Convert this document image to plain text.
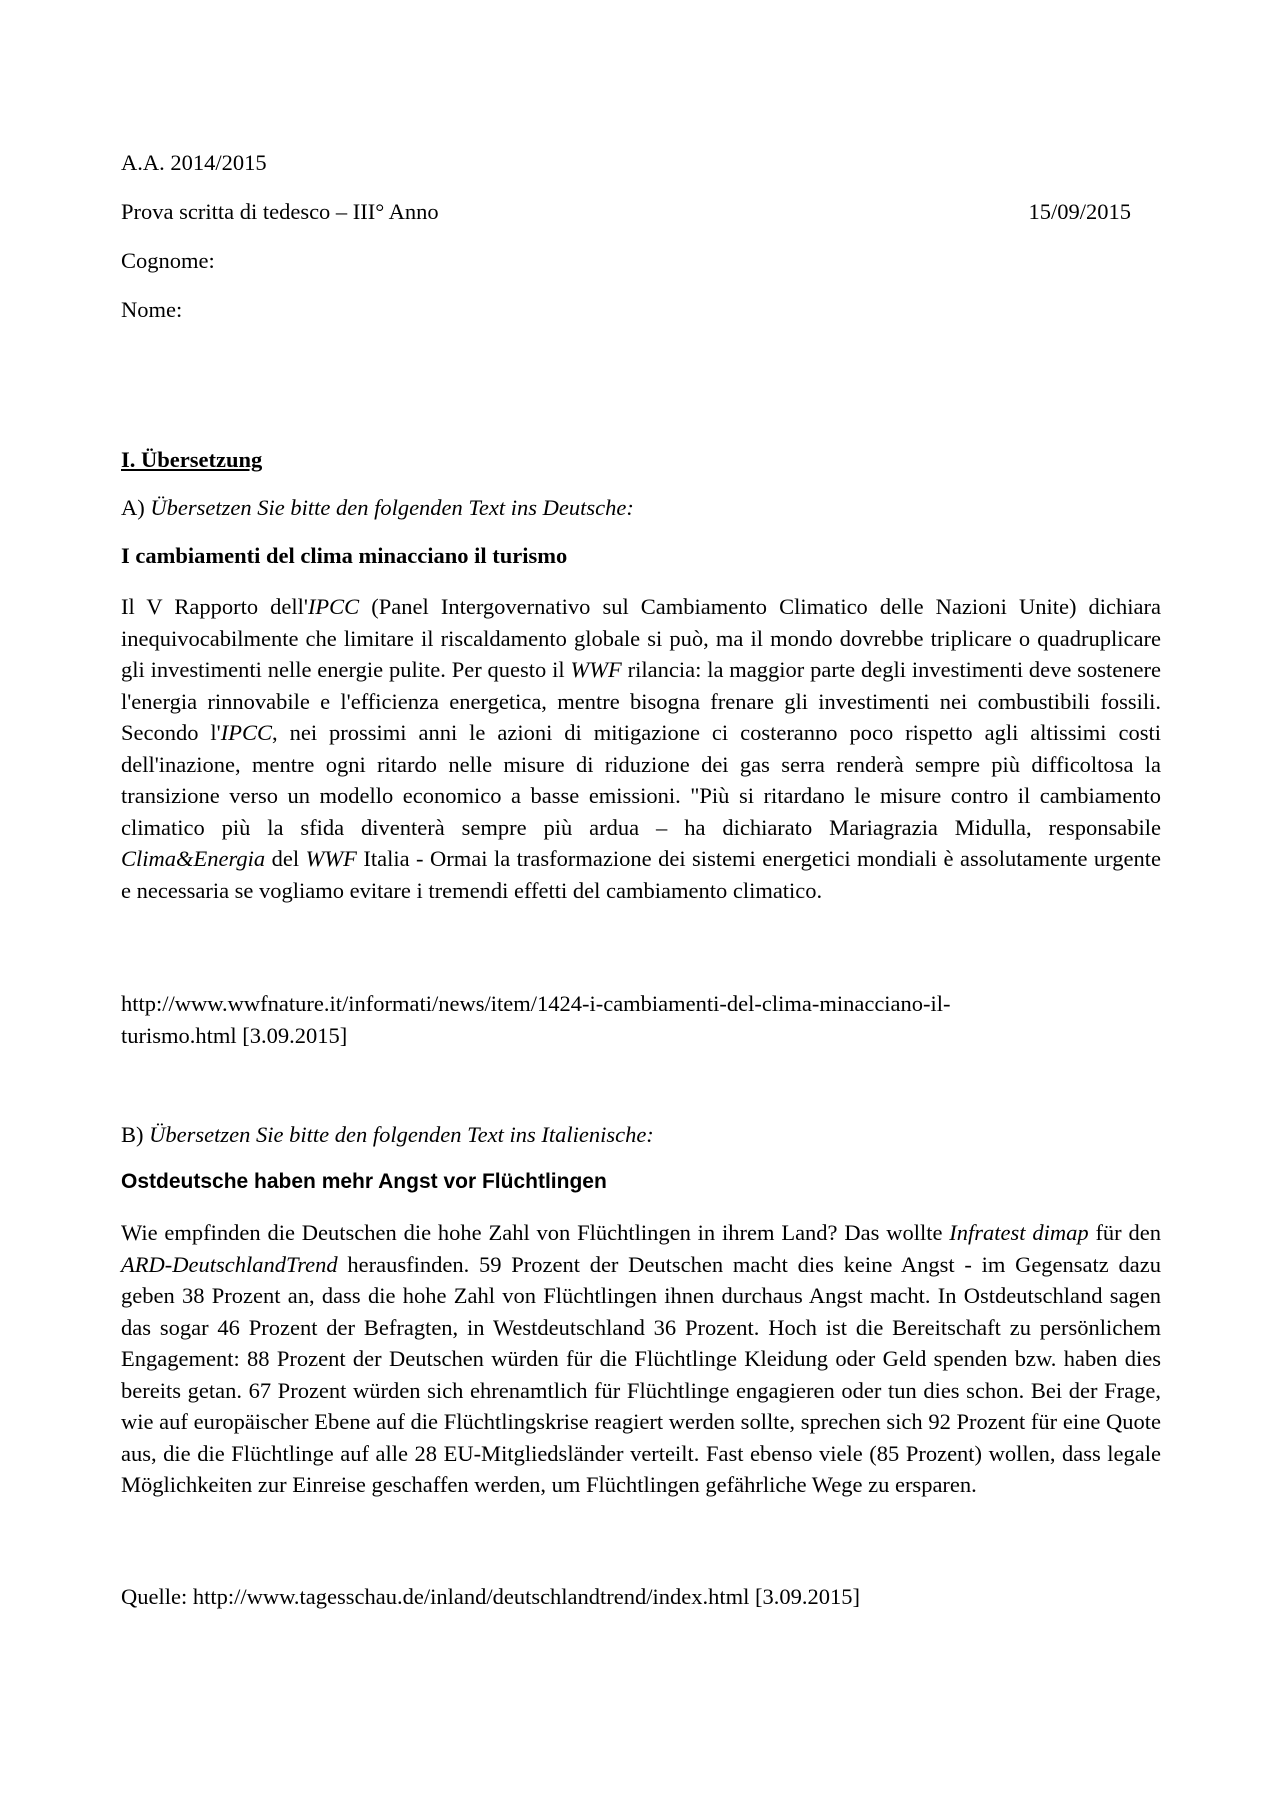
A.A. 2014/2015

Prova scritta di tedesco – III° Anno	15/09/2015

Cognome:

Nome:

I. Übersetzung

A) Übersetzen Sie bitte den folgenden Text ins Deutsche:

I cambiamenti del clima minacciano il turismo

Il V Rapporto dell'IPCC (Panel Intergovernativo sul Cambiamento Climatico delle Nazioni Unite) dichiara inequivocabilmente che limitare il riscaldamento globale si può, ma il mondo dovrebbe triplicare o quadruplicare gli investimenti nelle energie pulite. Per questo il WWF rilancia: la maggior parte degli investimenti deve sostenere l'energia rinnovabile e l'efficienza energetica, mentre bisogna frenare gli investimenti nei combustibili fossili. Secondo l'IPCC, nei prossimi anni le azioni di mitigazione ci costeranno poco rispetto agli altissimi costi dell'inazione, mentre ogni ritardo nelle misure di riduzione dei gas serra renderà sempre più difficoltosa la transizione verso un modello economico a basse emissioni. "Più si ritardano le misure contro il cambiamento climatico più la sfida diventerà sempre più ardua – ha dichiarato Mariagrazia Midulla, responsabile Clima&Energia del WWF Italia - Ormai la trasformazione dei sistemi energetici mondiali è assolutamente urgente e necessaria se vogliamo evitare i tremendi effetti del cambiamento climatico.

http://www.wwfnature.it/informati/news/item/1424-i-cambiamenti-del-clima-minacciano-il-
turismo.html [3.09.2015]

B) Übersetzen Sie bitte den folgenden Text ins Italienische:

Ostdeutsche haben mehr Angst vor Flüchtlingen

Wie empfinden die Deutschen die hohe Zahl von Flüchtlingen in ihrem Land? Das wollte Infratest dimap für den ARD-DeutschlandTrend herausfinden. 59 Prozent der Deutschen macht dies keine Angst - im Gegensatz dazu geben 38 Prozent an, dass die hohe Zahl von Flüchtlingen ihnen durchaus Angst macht. In Ostdeutschland sagen das sogar 46 Prozent der Befragten, in Westdeutschland 36 Prozent. Hoch ist die Bereitschaft zu persönlichem Engagement: 88 Prozent der Deutschen würden für die Flüchtlinge Kleidung oder Geld spenden bzw. haben dies bereits getan. 67 Prozent würden sich ehrenamtlich für Flüchtlinge engagieren oder tun dies schon. Bei der Frage, wie auf europäischer Ebene auf die Flüchtlingskrise reagiert werden sollte, sprechen sich 92 Prozent für eine Quote aus, die die Flüchtlinge auf alle 28 EU-Mitgliedsländer verteilt. Fast ebenso viele (85 Prozent) wollen, dass legale Möglichkeiten zur Einreise geschaffen werden, um Flüchtlingen gefährliche Wege zu ersparen.

Quelle: http://www.tagesschau.de/inland/deutschlandtrend/index.html [3.09.2015]
